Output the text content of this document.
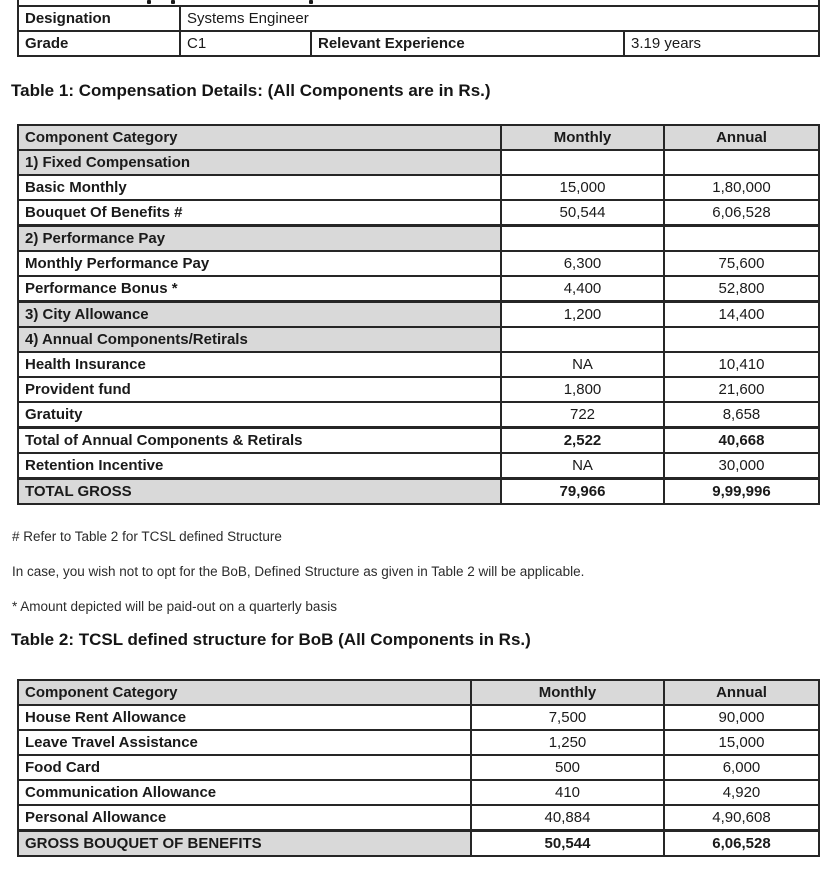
Designation	Systems Engineer		
Grade	C1	Relevant Experience	3.19 years
Table 1: Compensation Details: (All Components are in Rs.)
Component Category	Monthly	Annual
1) Fixed Compensation		
Basic Monthly	15,000	1,80,000
Bouquet Of Benefits #	50,544	6,06,528
2) Performance Pay		
Monthly Performance Pay	6,300	75,600
Performance Bonus *	4,400	52,800
3) City Allowance	1,200	14,400
4) Annual Components/Retirals		
Health Insurance	NA	10,410
Provident fund	1,800	21,600
Gratuity	722	8,658
Total of Annual Components & Retirals	2,522	40,668
Retention Incentive	NA	30,000
TOTAL GROSS	79,966	9,99,996
# Refer to Table 2 for TCSL defined Structure
In case, you wish not to opt for the BoB, Defined Structure as given in Table 2 will be applicable.
* Amount depicted will be paid-out on a quarterly basis
Table 2: TCSL defined structure for BoB (All Components in Rs.)
Component Category	Monthly	Annual
House Rent Allowance	7,500	90,000
Leave Travel Assistance	1,250	15,000
Food Card	500	6,000
Communication Allowance	410	4,920
Personal Allowance	40,884	4,90,608
GROSS BOUQUET OF BENEFITS	50,544	6,06,528
